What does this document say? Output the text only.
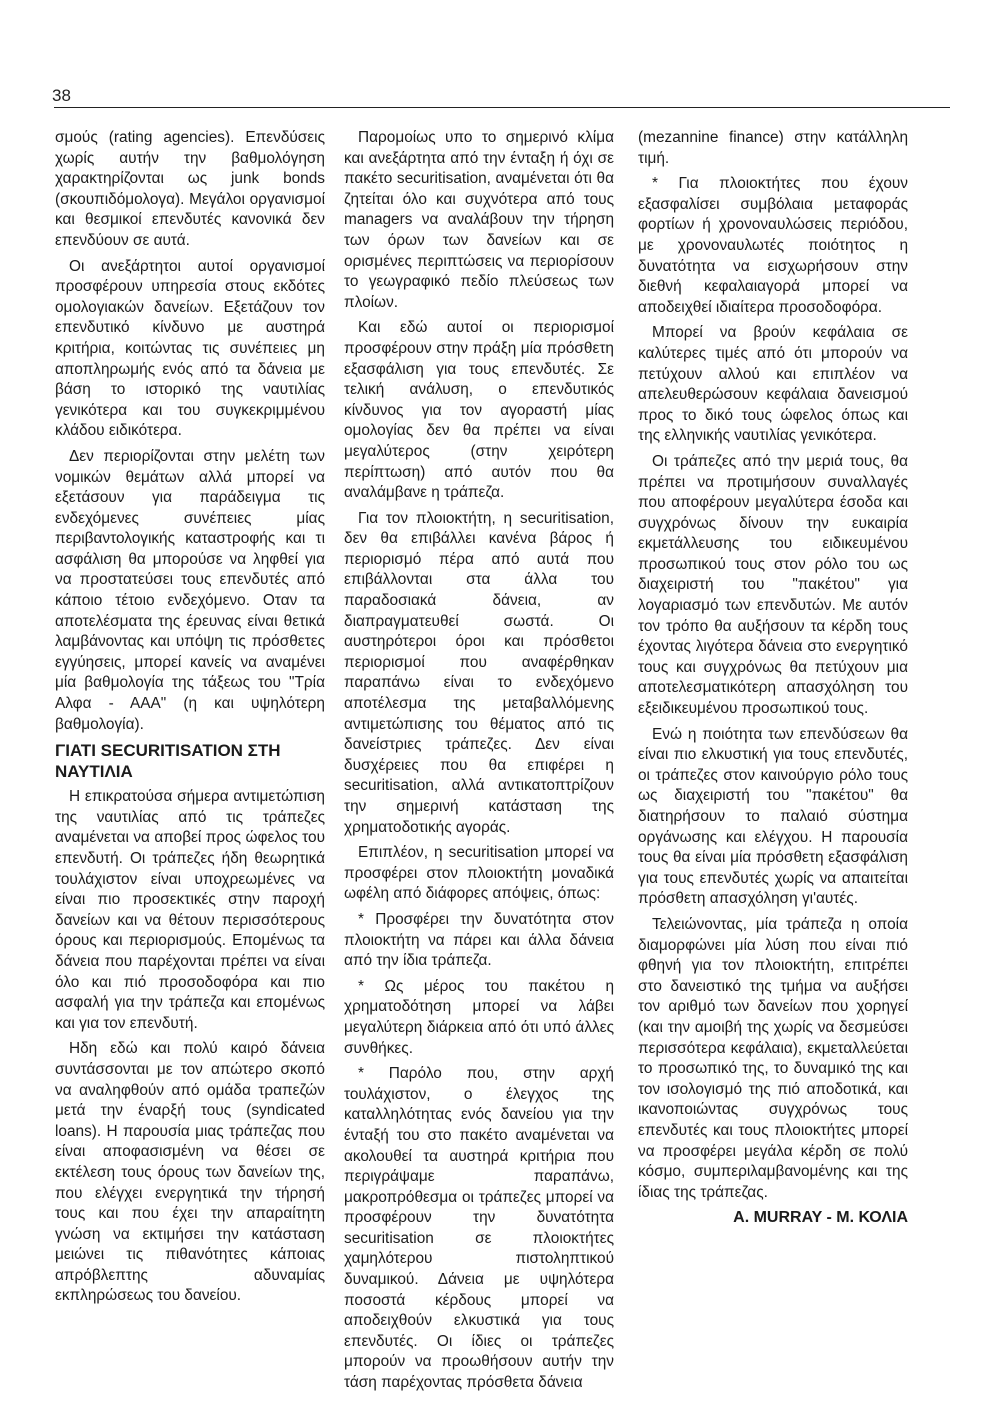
38

σμούς (rating agencies). Επενδύσεις χωρίς αυτήν την βαθμολόγηση χαρακτηρίζονται ως junk bonds (σκουπιδόμολογα). Μεγάλοι οργανισμοί και θεσμικοί επενδυτές κανονικά δεν επενδύουν σε αυτά.

Οι ανεξάρτητοι αυτοί οργανισμοί προσφέρουν υπηρεσία στους εκδότες ομολογιακών δανείων. Εξετάζουν τον επενδυτικό κίνδυνο με αυστηρά κριτήρια, κοιτώντας τις συνέπειες μη αποπληρωμής ενός από τα δάνεια με βάση το ιστορικό της ναυτιλίας γενικότερα και του συγκεκριμμένου κλάδου ειδικότερα.

Δεν περιορίζονται στην μελέτη των νομικών θεμάτων αλλά μπορεί να εξετάσουν για παράδειγμα τις ενδεχόμενες συνέπειες μίας περιβαντολογικής καταστροφής και τι ασφάλιση θα μπορούσε να ληφθεί για να προστατεύσει τους επενδυτές από κάποιο τέτοιο ενδεχόμενο. Οταν τα αποτελέσματα της έρευνας είναι θετικά λαμβάνοντας και υπόψη τις πρόσθετες εγγύησεις, μπορεί κανείς να αναμένει μία βαθμολογία της τάξεως του "Τρία Αλφα - ΑΑΑ" (η και υψηλότερη βαθμολογία).

ΓΙΑΤΙ SECURITISATION ΣΤΗ ΝΑΥΤΙΛΙΑ

Η επικρατούσα σήμερα αντιμετώπιση της ναυτιλίας από τις τράπεζες αναμένεται να αποβεί προς ώφελος του επενδυτή. Οι τράπεζες ήδη θεωρητικά τουλάχιστον είναι υποχρεωμένες να είναι πιο προσεκτικές στην παροχή δανείων και να θέτουν περισσότερους όρους και περιορισμούς. Επομένως τα δάνεια που παρέχονται πρέπει να είναι όλο και πιό προσοδοφόρα και πιο ασφαλή για την τράπεζα και επομένως και για τον επενδυτή.

Ηδη εδώ και πολύ καιρό δάνεια συντάσσονται με τον απώτερο σκοπό να αναληφθούν από ομάδα τραπεζών μετά την έναρξή τους (syndicated loans). Η παρουσία μιας τράπεζας που είναι αποφασισμένη να θέσει σε εκτέλεση τους όρους των δανείων της, που ελέγχει ενεργητικά την τήρησή τους και που έχει την απαραίτητη γνώση να εκτιμήσει την κατάσταση μειώνει τις πιθανότητες κάποιας απρόβλεπτης αδυναμίας εκπληρώσεως του δανείου.

Παρομοίως υπο το σημερινό κλίμα και ανεξάρτητα από την ένταξη ή όχι σε πακέτο securitisation, αναμένεται ότι θα ζητείται όλο και συχνότερα από τους managers να αναλάβουν την τήρηση των όρων των δανείων και σε ορισμένες περιπτώσεις να περιορίσουν το γεωγραφικό πεδίο πλεύσεως των πλοίων.

Και εδώ αυτοί οι περιορισμοί προσφέρουν στην πράξη μία πρόσθετη εξασφάλιση για τους επενδυτές. Σε τελική ανάλυση, ο επενδυτικός κίνδυνος για τον αγοραστή μίας ομολογίας δεν θα πρέπει να είναι μεγαλύτερος (στην χειρότερη περίπτωση) από αυτόν που θα αναλάμβανε η τράπεζα.

Για τον πλοιοκτήτη, η securitisation, δεν θα επιβάλλει κανένα βάρος ή περιορισμό πέρα από αυτά που επιβάλλονται στα άλλα του παραδοσιακά δάνεια, αν διαπραγματευθεί σωστά. Οι αυστηρότεροι όροι και πρόσθετοι περιορισμοί που αναφέρθηκαν παραπάνω είναι το ενδεχόμενο αποτέλεσμα της μεταβαλλόμενης αντιμετώπισης του θέματος από τις δανείστριες τράπεζες. Δεν είναι δυσχέρειες που θα επιφέρει η securitisation, αλλά αντικατοπτρίζουν την σημερινή κατάσταση της χρηματοδοτικής αγοράς.

Επιπλέον, η securitisation μπορεί να προσφέρει στον πλοιοκτήτη μοναδικά ωφέλη από διάφορες απόψεις, όπως:

* Προσφέρει την δυνατότητα στον πλοιοκτήτη να πάρει και άλλα δάνεια από την ίδια τράπεζα.

* Ως μέρος του πακέτου η χρηματοδότηση μπορεί να λάβει μεγαλύτερη διάρκεια από ότι υπό άλλες συνθήκες.

* Παρόλο που, στην αρχή τουλάχιστον, ο έλεγχος της καταλληλότητας ενός δανείου για την ένταξή του στο πακέτο αναμένεται να ακολουθεί τα αυστηρά κριτήρια που περιγράψαμε παραπάνω, μακροπρόθεσμα οι τράπεζες μπορεί να προσφέρουν την δυνατότητα securitisation σε πλοιοκτήτες χαμηλότερου πιστοληπτικού δυναμικού. Δάνεια με υψηλότερα ποσοστά κέρδους μπορεί να αποδειχθούν ελκυστικά για τους επενδυτές. Οι ίδιες οι τράπεζες μπορούν να προωθήσουν αυτήν την τάση παρέχοντας πρόσθετα δάνεια

(mezannine finance) στην κατάλληλη τιμή.

* Για πλοιοκτήτες που έχουν εξασφαλίσει συμβόλαια μεταφοράς φορτίων ή χρονοναυλώσεις περιόδου, με χρονοναυλωτές ποιότητος η δυνατότητα να εισχωρήσουν στην διεθνή κεφαλαιαγορά μπορεί να αποδειχθεί ιδιαίτερα προσοδοφόρα.

Μπορεί να βρούν κεφάλαια σε καλύτερες τιμές από ότι μπορούν να πετύχουν αλλού και επιπλέον να απελευθερώσουν κεφάλαια δανεισμού προς το δικό τους ώφελος όπως και της ελληνικής ναυτιλίας γενικότερα.

Οι τράπεζες από την μεριά τους, θα πρέπει να προτιμήσουν συναλλαγές που αποφέρουν μεγαλύτερα έσοδα και συγχρόνως δίνουν την ευκαιρία εκμετάλλευσης του ειδικευμένου προσωπικού τους στον ρόλο του ως διαχειριστή του "πακέτου" για λογαριασμό των επενδυτών. Με αυτόν τον τρόπο θα αυξήσουν τα κέρδη τους έχοντας λιγότερα δάνεια στο ενεργητικό τους και συγχρόνως θα πετύχουν μια αποτελεσματικότερη απασχόληση του εξειδικευμένου προσωπικού τους.

Ενώ η ποιότητα των επενδύσεων θα είναι πιο ελκυστική για τους επενδυτές, οι τράπεζες στον καινούργιο ρόλο τους ως διαχειριστή του "πακέτου" θα διατηρήσουν το παλαιό σύστημα οργάνωσης και ελέγχου. Η παρουσία τους θα είναι μία πρόσθετη εξασφάλιση για τους επενδυτές χωρίς να απαιτείται πρόσθετη απασχόληση γι'αυτές.

Τελειώνοντας, μία τράπεζα η οποία διαμορφώνει μία λύση που είναι πιό φθηνή για τον πλοιοκτήτη, επιτρέπει στο δανειστικό της τμήμα να αυξήσει τον αριθμό των δανείων που χορηγεί (και την αμοιβή της χωρίς να δεσμεύσει περισσότερα κεφάλαια), εκμεταλλεύεται το προσωπικό της, το δυναμικό της και τον ισολογισμό της πιό αποδοτικά, και ικανοποιώντας συγχρόνως τους επενδυτές και τους πλοιοκτήτες μπορεί να προσφέρει μεγάλα κέρδη σε πολύ κόσμο, συμπεριλαμβανομένης και της ίδιας της τράπεζας.

A. MURRAY - M. ΚΟΛΙΑ
